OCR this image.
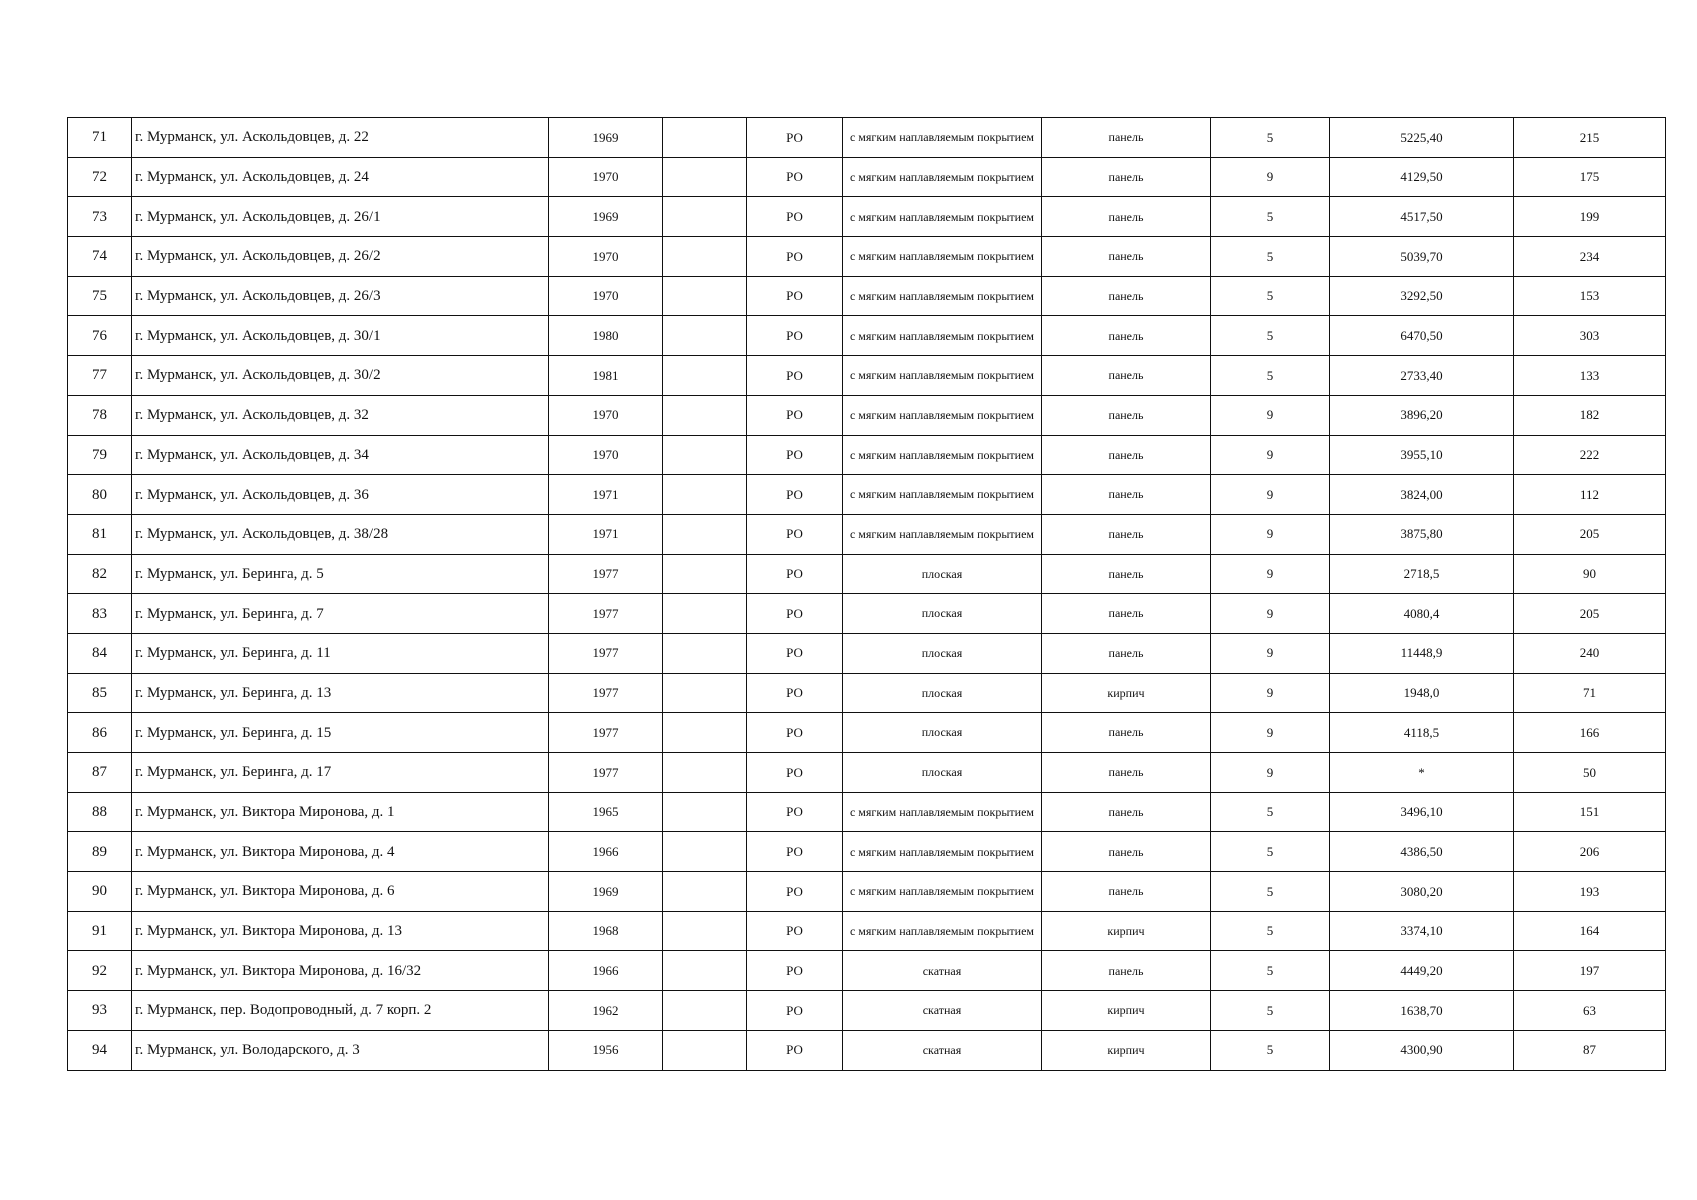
71	г. Мурманск, ул. Аскольдовцев, д. 22	1969		РО	с мягким наплавляемым покрытием	панель	5	5225,40	215
72	г. Мурманск, ул. Аскольдовцев, д. 24	1970		РО	с мягким наплавляемым покрытием	панель	9	4129,50	175
73	г. Мурманск, ул. Аскольдовцев, д. 26/1	1969		РО	с мягким наплавляемым покрытием	панель	5	4517,50	199
74	г. Мурманск, ул. Аскольдовцев, д. 26/2	1970		РО	с мягким наплавляемым покрытием	панель	5	5039,70	234
75	г. Мурманск, ул. Аскольдовцев, д. 26/3	1970		РО	с мягким наплавляемым покрытием	панель	5	3292,50	153
76	г. Мурманск, ул. Аскольдовцев, д. 30/1	1980		РО	с мягким наплавляемым покрытием	панель	5	6470,50	303
77	г. Мурманск, ул. Аскольдовцев, д. 30/2	1981		РО	с мягким наплавляемым покрытием	панель	5	2733,40	133
78	г. Мурманск, ул. Аскольдовцев, д. 32	1970		РО	с мягким наплавляемым покрытием	панель	9	3896,20	182
79	г. Мурманск, ул. Аскольдовцев, д. 34	1970		РО	с мягким наплавляемым покрытием	панель	9	3955,10	222
80	г. Мурманск, ул. Аскольдовцев, д. 36	1971		РО	с мягким наплавляемым покрытием	панель	9	3824,00	112
81	г. Мурманск, ул. Аскольдовцев, д. 38/28	1971		РО	с мягким наплавляемым покрытием	панель	9	3875,80	205
82	г. Мурманск, ул. Беринга, д. 5	1977		РО	плоская	панель	9	2718,5	90
83	г. Мурманск, ул. Беринга, д. 7	1977		РО	плоская	панель	9	4080,4	205
84	г. Мурманск, ул. Беринга, д. 11	1977		РО	плоская	панель	9	11448,9	240
85	г. Мурманск, ул. Беринга, д. 13	1977		РО	плоская	кирпич	9	1948,0	71
86	г. Мурманск, ул. Беринга, д. 15	1977		РО	плоская	панель	9	4118,5	166
87	г. Мурманск, ул. Беринга, д. 17	1977		РО	плоская	панель	9	*	50
88	г. Мурманск, ул. Виктора Миронова, д. 1	1965		РО	с мягким наплавляемым покрытием	панель	5	3496,10	151
89	г. Мурманск, ул. Виктора Миронова, д. 4	1966		РО	с мягким наплавляемым покрытием	панель	5	4386,50	206
90	г. Мурманск, ул. Виктора Миронова, д. 6	1969		РО	с мягким наплавляемым покрытием	панель	5	3080,20	193
91	г. Мурманск, ул. Виктора Миронова, д. 13	1968		РО	с мягким наплавляемым покрытием	кирпич	5	3374,10	164
92	г. Мурманск, ул. Виктора Миронова, д. 16/32	1966		РО	скатная	панель	5	4449,20	197
93	г. Мурманск, пер. Водопроводный, д. 7 корп. 2	1962		РО	скатная	кирпич	5	1638,70	63
94	г. Мурманск, ул. Володарского, д. 3	1956		РО	скатная	кирпич	5	4300,90	87
